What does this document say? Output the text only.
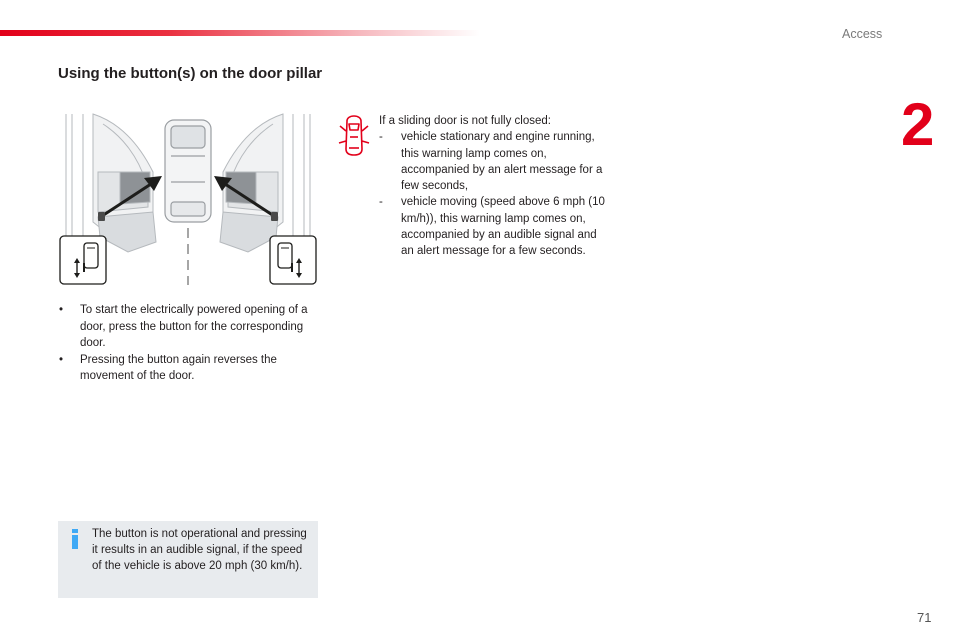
Access
2
Using the button(s) on the door pillar
•	To start the electrically powered opening of a door, press the button for the corresponding door.
•	Pressing the button again reverses the movement of the door.
The button is not operational and pressing it results in an audible signal, if the speed of the vehicle is above 20 mph (30 km/h).
If a sliding door is not fully closed:
- vehicle stationary and engine running, this warning lamp comes on, accompanied by an alert message for a few seconds,
- vehicle moving (speed above 6 mph (10 km/h)), this warning lamp comes on, accompanied by an audible signal and an alert message for a few seconds.
71
